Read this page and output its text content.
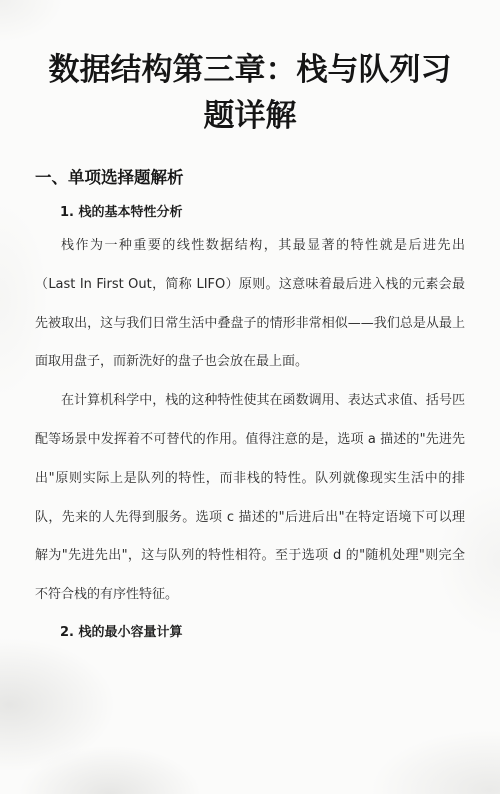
数据结构第三章：栈与队列习题详解
一、单项选择题解析
1. 栈的基本特性分析

栈作为一种重要的线性数据结构，其最显著的特性就是后进先出（Last In First Out，简称 LIFO）原则。这意味着最后进入栈的元素会最先被取出，这与我们日常生活中叠盘子的情形非常相似——我们总是从最上面取用盘子，而新洗好的盘子也会放在最上面。

在计算机科学中，栈的这种特性使其在函数调用、表达式求值、括号匹配等场景中发挥着不可替代的作用。值得注意的是，选项 a 描述的"先进先出"原则实际上是队列的特性，而非栈的特性。队列就像现实生活中的排队，先来的人先得到服务。选项 c 描述的"后进后出"在特定语境下可以理解为"先进先出"，这与队列的特性相符。至于选项 d 的"随机处理"则完全不符合栈的有序性特征。

2. 栈的最小容量计算
